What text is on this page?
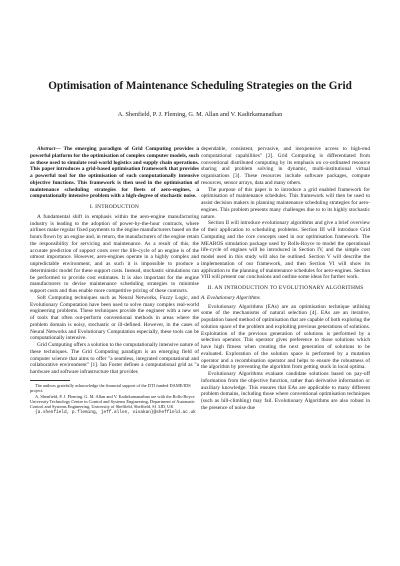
Optimisation of Maintenance Scheduling Strategies on the Grid
A. Shenfield, P. J. Fleming, G. M. Allan and V. Kadirkamanathan

Abstract— The emerging paradigm of Grid Computing provides a powerful platform for the optimisation of complex computer models, such as those used to simulate real-world logistics and supply chain operations. This paper introduces a grid-based optimisation framework that provides a powerful tool for the optimisation of such computationally intensive objective functions. This framework is then used in the optimisation of maintenance scheduling strategies for fleets of aero-engines, a computationally intensive problem with a high-degree of stochastic noise.

I. INTRODUCTION

A fundamental shift in emphasis within the aero-engine manufacturing industry is leading to the adoption of power-by-the-hour contracts, where airlines make regular fixed payments to the engine manufacturers based on the hours flown by an engine and, in return, the manufacturers of the engine retain the responsibility for servicing and maintenance. As a result of this, the accurate prediction of support costs over the life-cycle of an engine is of the utmost importance. However, aero-engines operate in a highly complex and unpredictable environment, and as such it is impossible to produce a deterministic model for these support costs. Instead, stochastic simulations can be performed to provide cost estimates. It is also important for the engine manufacturers to devise maintenance scheduling strategies to minimise support costs and thus enable more competitive pricing of these contracts.

Soft Computing techniques such as Neural Networks, Fuzzy Logic, and Evolutionary Computation have been used to solve many complex real-world engineering problems. These techniques provide the engineer with a new set of tools that often out-perform conventional methods in areas where the problem domain is noisy, stochastic or ill-defined. However, in the cases of Neural Networks and Evolutionary Computation especially, these tools can be computationally intensive.

Grid Computing offers a solution to the computationally intensive nature of these techniques. The Grid Computing paradigm is an emerging field of computer science that aims to offer "a seamless, integrated computational and collaborative environment" [1]. Ian Foster defines a computational grid as "a hardware and software infrastructure that provides

The authors gratefully acknowledge the financial support of the DTI funded DAME/IDS project.

A. Shenfield, P. J. Fleming, G. M. Allan and V. Kadirkamanathan are with the Rolls-Royce University Technology Centre in Control and Systems Engineering, Department of Automatic Control and Systems Engineering, University of Sheffield, Sheffield, S1 3JD, UK

{a.shenfield, p.fleming, jeff.allen, visakan}@sheffield.ac.uk

dependable, consistent, pervasive, and inexpensive access to high-end computational capabilities" [2]. Grid Computing is differentiated from conventional distributed computing by its emphasis on co-ordinated resource sharing and problem solving in dynamic, multi-institutional virtual organisations [3]. These resources include software packages, compute resources, sensor arrays, data and many others.

The purpose of this paper is to introduce a grid enabled framework for optimisation of maintenance schedules. This framework will then be used to assist decision makers in planning maintenance scheduling strategies for aero-engines. This problem presents many challenges due to to its highly stochastic nature.

Section II will introduce evolutionary algorithms and give a brief overview of their application to scheduling problems. Section III will introduce Grid Computing and the core concepts used in our optimisation framework. The MEAROS simulation package used by Rolls-Royce to model the operational life-cycle of engines will be introduced in Section IV, and the simple cost model used in this study will also be outlined. Section V will describe the implementation of our framework, and then Section VI will show its application to the planning of maintenance schedules for aero-engines. Section VIII will present our conclusions and outline some ideas for further work.

II. AN INTRODUCTION TO EVOLUTIONARY ALGORITHMS
A. Evolutionary Algorithms

Evolutionary Algorithms (EAs) are an optimisation technique utilising some of the mechanisms of natural selection [4]. EAs are an iterative, population based method of optimisation that are capable of both exploring the solution space of the problem and exploiting previous generations of solutions. Exploitation of the previous generation of solutions is performed by a selection operator. This operator gives preference to those solutions which have high fitness when creating the next generation of solutions to be evaluated. Exploration of the solution space is performed by a mutation operator and a recombination operator and helps to ensure the robustness of the algorithm by preventing the algorithm from getting stuck in local optima.

Evolutionary Algorithms evaluate candidate solutions based on pay-off information from the objective function, rather than derivative information or auxiliary knowledge. This ensures that EAs are applicable to many different problem domains, including those where conventional optimisation techniques (such as hill-climbing) may fail. Evolutionary Algorithms are also robust in the presence of noise due
